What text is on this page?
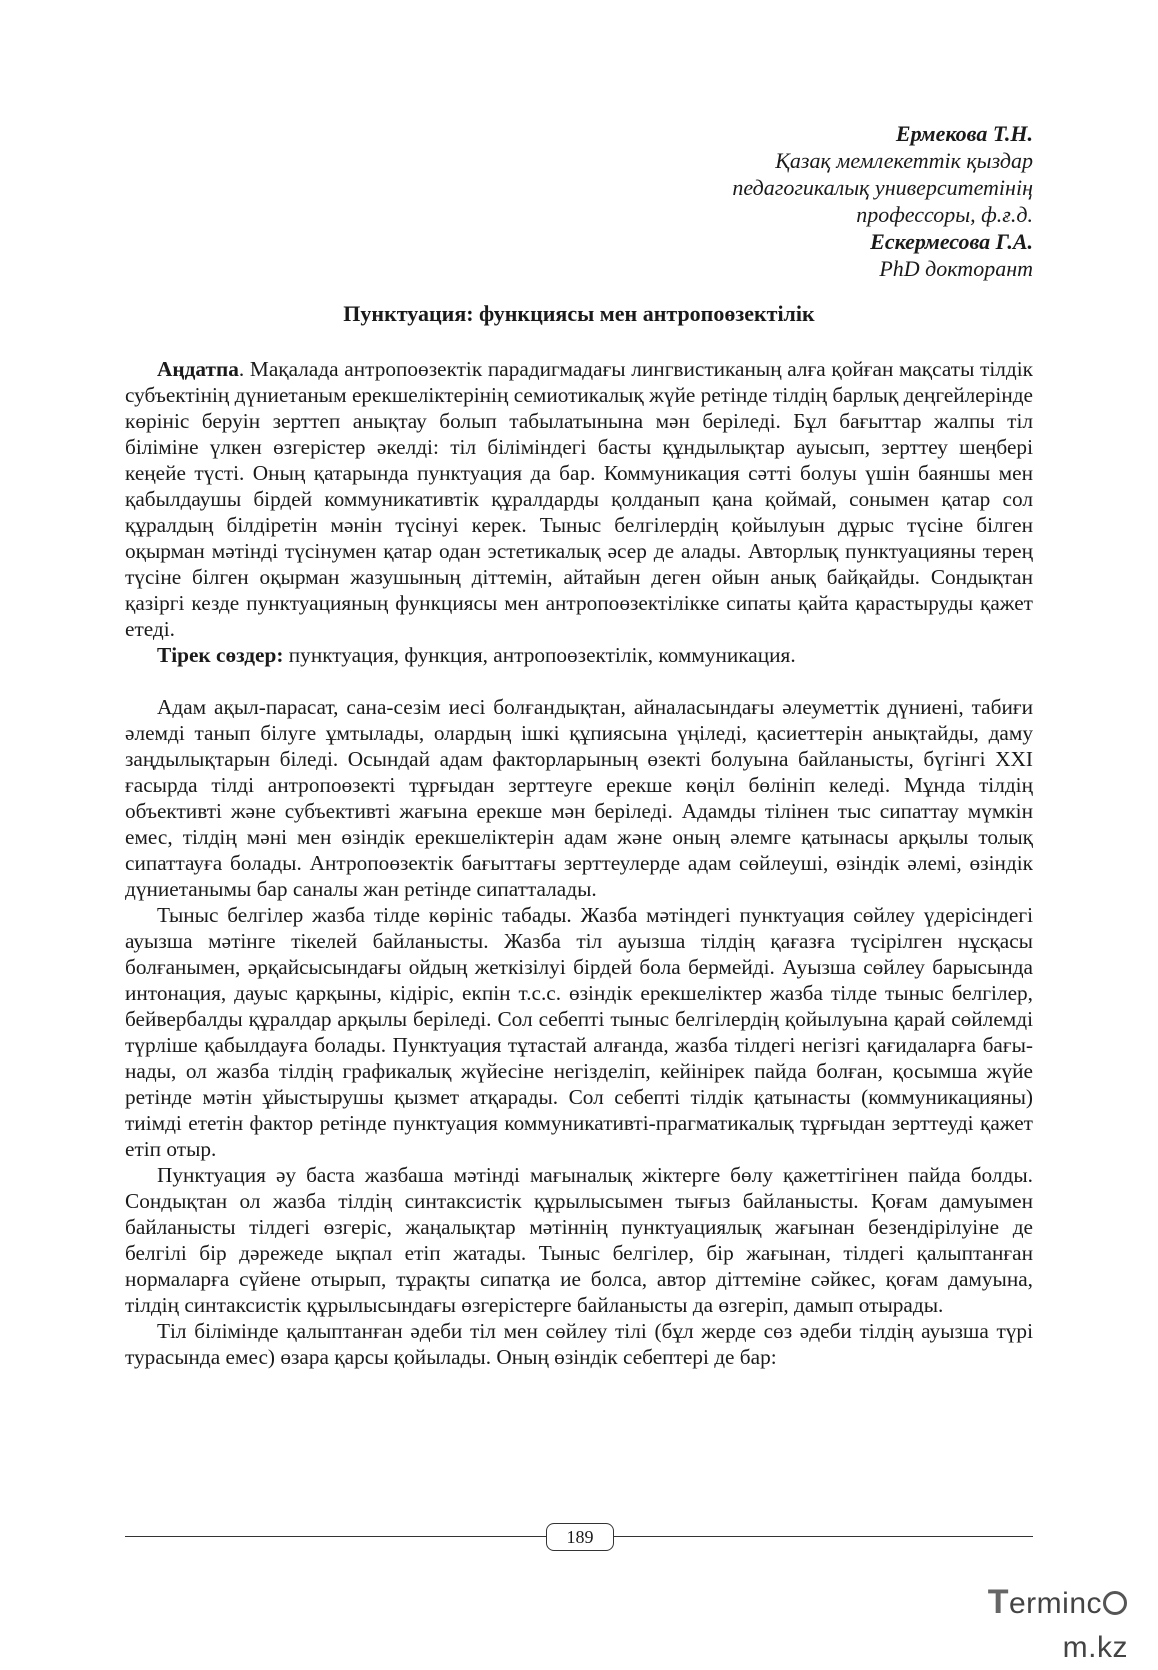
Ермекова Т.Н.
Қазақ мемлекеттік қыздар
педагогикалық университетінің
профессоры, ф.ғ.д.
Ескермесова Г.А.
PhD докторант
Пунктуация: функциясы мен антропоөзектілік

Аңдатпа. Мақалада антропоөзектік парадигмадағы лингвистиканың алға қойған мақсаты тілдік субъектінің дүниетаным ерекшеліктерінің семиотикалық жүйе ретінде тілдің барлық деңгейлерінде көрініс беруін зерттеп анықтау болып табылатынына мән беріледі. Бұл бағыттар жалпы тіл біліміне үлкен өзгерістер әкелді: тіл біліміндегі басты құндылықтар ауысып, зерттеу шеңбері кеңейе түсті. Оның қатарында пунктуация да бар. Коммуникация сәтті болуы үшін баяншы мен қабылдаушы бірдей коммуникативтік құралдарды қолданып қана қоймай, сонымен қатар сол құралдың білдіретін мәнін түсінуі керек. Тыныс белгілердің қойылуын дұрыс түсіне білген оқырман мәтінді түсінумен қатар одан эстетикалық әсер де алады. Авторлық пунктуацияны терең түсіне білген оқырман жазушының діттемін, айтайын деген ойын анық байқайды. Сондықтан қазіргі кезде пунктуацияның функциясы мен антропоөзектілікке сипаты қайта қарастыруды қажет етеді.

Тірек сөздер: пунктуация, функция, антропоөзектілік, коммуникация.

Адам ақыл-парасат, сана-сезім иесі болғандықтан, айналасындағы әлеуметтік дүниені, табиғи әлемді танып білуге ұмтылады, олардың ішкі құпиясына үңіледі, қасиеттерін анықтайды, даму заңдылықтарын біледі. Осындай адам факторларының өзекті болуына байланысты, бүгінгі XXI ғасырда тілді антропоөзекті тұрғыдан зерттеуге ерекше көңіл бөлініп келеді. Мұнда тілдің объективті және субъективті жағына ерекше мән беріледі. Адамды тілінен тыс сипаттау мүмкін емес, тілдің мәні мен өзіндік ерекшеліктерін адам және оның әлемге қатынасы арқылы толық сипаттауға болады. Антропоөзектік бағыттағы зерттеулерде адам сөйлеуші, өзіндік әлемі, өзіндік дүниетанымы бар саналы жан ретінде сипатталады.

Тыныс белгілер жазба тілде көрініс табады. Жазба мәтіндегі пунктуация сөйлеу үдерісіндегі ауызша мәтінге тікелей байланысты. Жазба тіл ауызша тілдің қағазға түсірілген нұсқасы болғанымен, әрқайсысындағы ойдың жеткізілуі бірдей бола бермейді. Ауызша сөйлеу барысында интонация, дауыс қарқыны, кідіріс, екпін т.с.с. өзіндік ерекшеліктер жазба тілде тыныс белгілер, бейвербалды құралдар арқылы беріледі. Сол себепті тыныс белгілердің қойылуына қарай сөйлемді түрліше қабылдауға болады. Пунктуация тұтастай алғанда, жазба тілдегі негізгі қағидаларға бағынады, ол жазба тілдің графикалық жүйесіне негізделіп, кейінірек пайда болған, қосымша жүйе ретінде мәтін ұйыстырушы қызмет атқарады. Сол себепті тілдік қатынасты (коммуникацияны) тиімді ететін фактор ретінде пунктуация коммуникативті-прагматикалық тұрғыдан зерттеуді қажет етіп отыр.

Пунктуация әу баста жазбаша мәтінді мағыналық жіктерге бөлу қажеттігінен пайда болды. Сондықтан ол жазба тілдің синтаксистік құрылысымен тығыз байланысты. Қоғам дамуымен байланысты тілдегі өзгеріс, жаңалықтар мәтіннің пунктуациялық жағынан безендірілуіне де белгілі бір дәрежеде ықпал етіп жатады. Тыныс белгілер, бір жағынан, тілдегі қалыптанған нормаларға сүйене отырып, тұрақты сипатқа ие болса, автор діттеміне сәйкес, қоғам дамуына, тілдің синтаксистік құрылысындағы өзгерістерге байланысты да өзгеріп, дамып отырады.

Тіл білімінде қалыптанған әдеби тіл мен сөйлеу тілі (бұл жерде сөз әдеби тілдің ауызша түрі турасында емес) өзара қарсы қойылады. Оның өзіндік себептері де бар:

189
Termincm.kz
